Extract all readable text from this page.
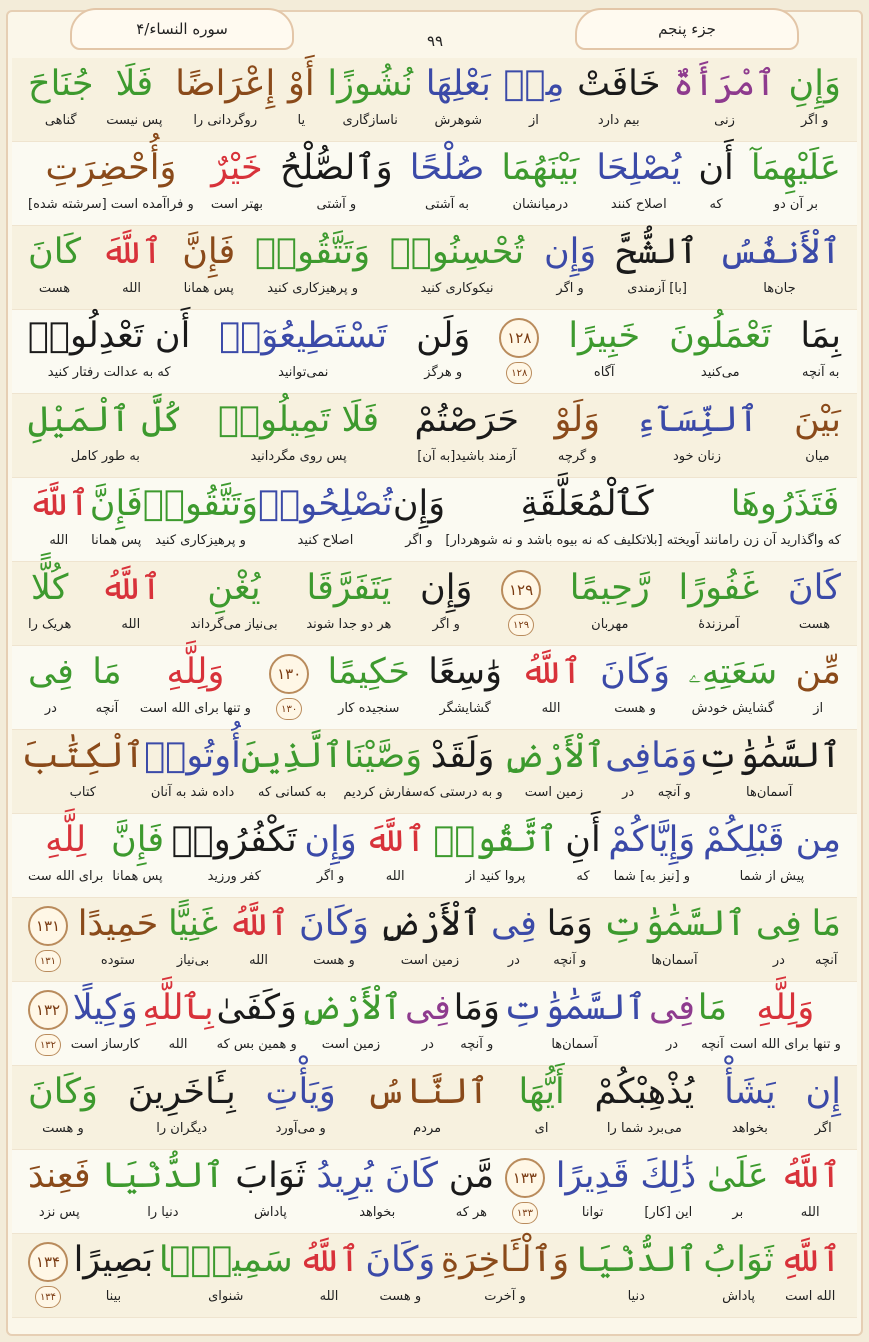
جزء پنجم
۹۹
سوره النساء/۴
وَإِنِ
و اگر
ٱمْرَأَةٌ
زنی
خَافَتْ
بیم دارد
مِنۢ
از
بَعْلِهَا
شوهرش
نُشُوزًا
ناسازگاری
أَوْ
یا
إِعْرَاضًا
روگردانی را
فَلَا
پس نیست
جُنَاحَ
گناهی
عَلَيْهِمَآ
بر آن دو
أَن
که
يُصْلِحَا
اصلاح کنند
بَيْنَهُمَا
درمیانشان
صُلْحًا
به آشتی
وَٱلصُّلْحُ
و آشتی
خَيْرٌ
بهتر است
وَأُحْضِرَتِ
و فراآمده است [سرشته شده]
ٱلْأَنفُسُ
جان‌ها
ٱلشُّحَّ
[با] آزمندی
وَإِن
و اگر
تُحْسِنُوا۟
نیکوکاری کنید
وَتَتَّقُوا۟
و پرهیزکاری کنید
فَإِنَّ
پس همانا
ٱللَّهَ
الله
كَانَ
هست
بِمَا
به آنچه
تَعْمَلُونَ
می‌کنید
خَبِيرًا
آگاه
۱۲۸
۱۲۸
وَلَن
و هرگز
تَسْتَطِيعُوٓا۟
نمی‌توانید
أَن تَعْدِلُوا۟
که به عدالت رفتار کنید
بَيْنَ
میان
ٱلنِّسَآءِ
زنان خود
وَلَوْ
و گرچه
حَرَصْتُمْ
آزمند باشید[به آن]
فَلَا تَمِيلُوا۟
پس روی مگردانید
كُلَّ ٱلْمَيْلِ
به طور کامل
فَتَذَرُوهَا
که واگذارید آن زن را
كَٱلْمُعَلَّقَةِ
مانند آویخته [بلاتکلیف که نه بیوه باشد و نه شوهردار]
وَإِن
و اگر
تُصْلِحُوا۟
اصلاح کنید
وَتَتَّقُوا۟
و پرهیزکاری کنید
فَإِنَّ
پس همانا
ٱللَّهَ
الله
كَانَ
هست
غَفُورًا
آمرزندهٔ
رَّحِيمًا
مهربان
۱۲۹
۱۲۹
وَإِن
و اگر
يَتَفَرَّقَا
هر دو جدا شوند
يُغْنِ
بی‌نیاز می‌گرداند
ٱللَّهُ
الله
كُلًّا
هریک را
مِّن
از
سَعَتِهِۦ
گشایش خودش
وَكَانَ
و هست
ٱللَّهُ
الله
وَٰسِعًا
گشایشگر
حَكِيمًا
سنجیده کار
۱۳۰
۱۳۰
وَلِلَّهِ
و تنها برای الله است
مَا
آنچه
فِى
در
ٱلسَّمَٰوَٰتِ
آسمان‌ها
وَمَا
و آنچه
فِى
در
ٱلْأَرْضِ
زمین است
وَلَقَدْ
و به درستی که
وَصَّيْنَا
سفارش کردیم
ٱلَّذِينَ
به کسانی که
أُوتُوا۟
داده شد به آنان
ٱلْكِتَٰبَ
کتاب
مِن قَبْلِكُمْ
پیش از شما
وَإِيَّاكُمْ
و [نیز به] شما
أَنِ
که
ٱتَّقُوا۟
پروا کنید از
ٱللَّهَ
الله
وَإِن
و اگر
تَكْفُرُوا۟
کفر ورزید
فَإِنَّ
پس همانا
لِلَّهِ
برای الله ست
مَا
آنچه
فِى
در
ٱلسَّمَٰوَٰتِ
آسمان‌ها
وَمَا
و آنچه
فِى
در
ٱلْأَرْضِ
زمین است
وَكَانَ
و هست
ٱللَّهُ
الله
غَنِيًّا
بی‌نیاز
حَمِيدًا
ستوده
۱۳۱
۱۳۱
وَلِلَّهِ
و تنها برای الله است
مَا
آنچه
فِى
در
ٱلسَّمَٰوَٰتِ
آسمان‌ها
وَمَا
و آنچه
فِى
در
ٱلْأَرْضِ
زمین است
وَكَفَىٰ
و همین بس که
بِٱللَّهِ
الله
وَكِيلًا
کارساز است
۱۳۲
۱۳۲
إِن
اگر
يَشَأْ
بخواهد
يُذْهِبْكُمْ
می‌برد شما را
أَيُّهَا
ای
ٱلنَّاسُ
مردم
وَيَأْتِ
و می‌آورد
بِـَٔاخَرِينَ
دیگران را
وَكَانَ
و هست
ٱللَّهُ
الله
عَلَىٰ
بر
ذَٰلِكَ
این [کار]
قَدِيرًا
توانا
۱۳۳
۱۳۳
مَّن
هر که
كَانَ يُرِيدُ
بخواهد
ثَوَابَ
پاداش
ٱلدُّنْيَا
دنیا را
فَعِندَ
پس نزد
ٱللَّهِ
الله است
ثَوَابُ
پاداش
ٱلدُّنْيَا
دنیا
وَٱلْـَٔاخِرَةِ
و آخرت
وَكَانَ
و هست
ٱللَّهُ
الله
سَمِيعًۢا
شنوای
بَصِيرًا
بینا
۱۳۴
۱۳۴
